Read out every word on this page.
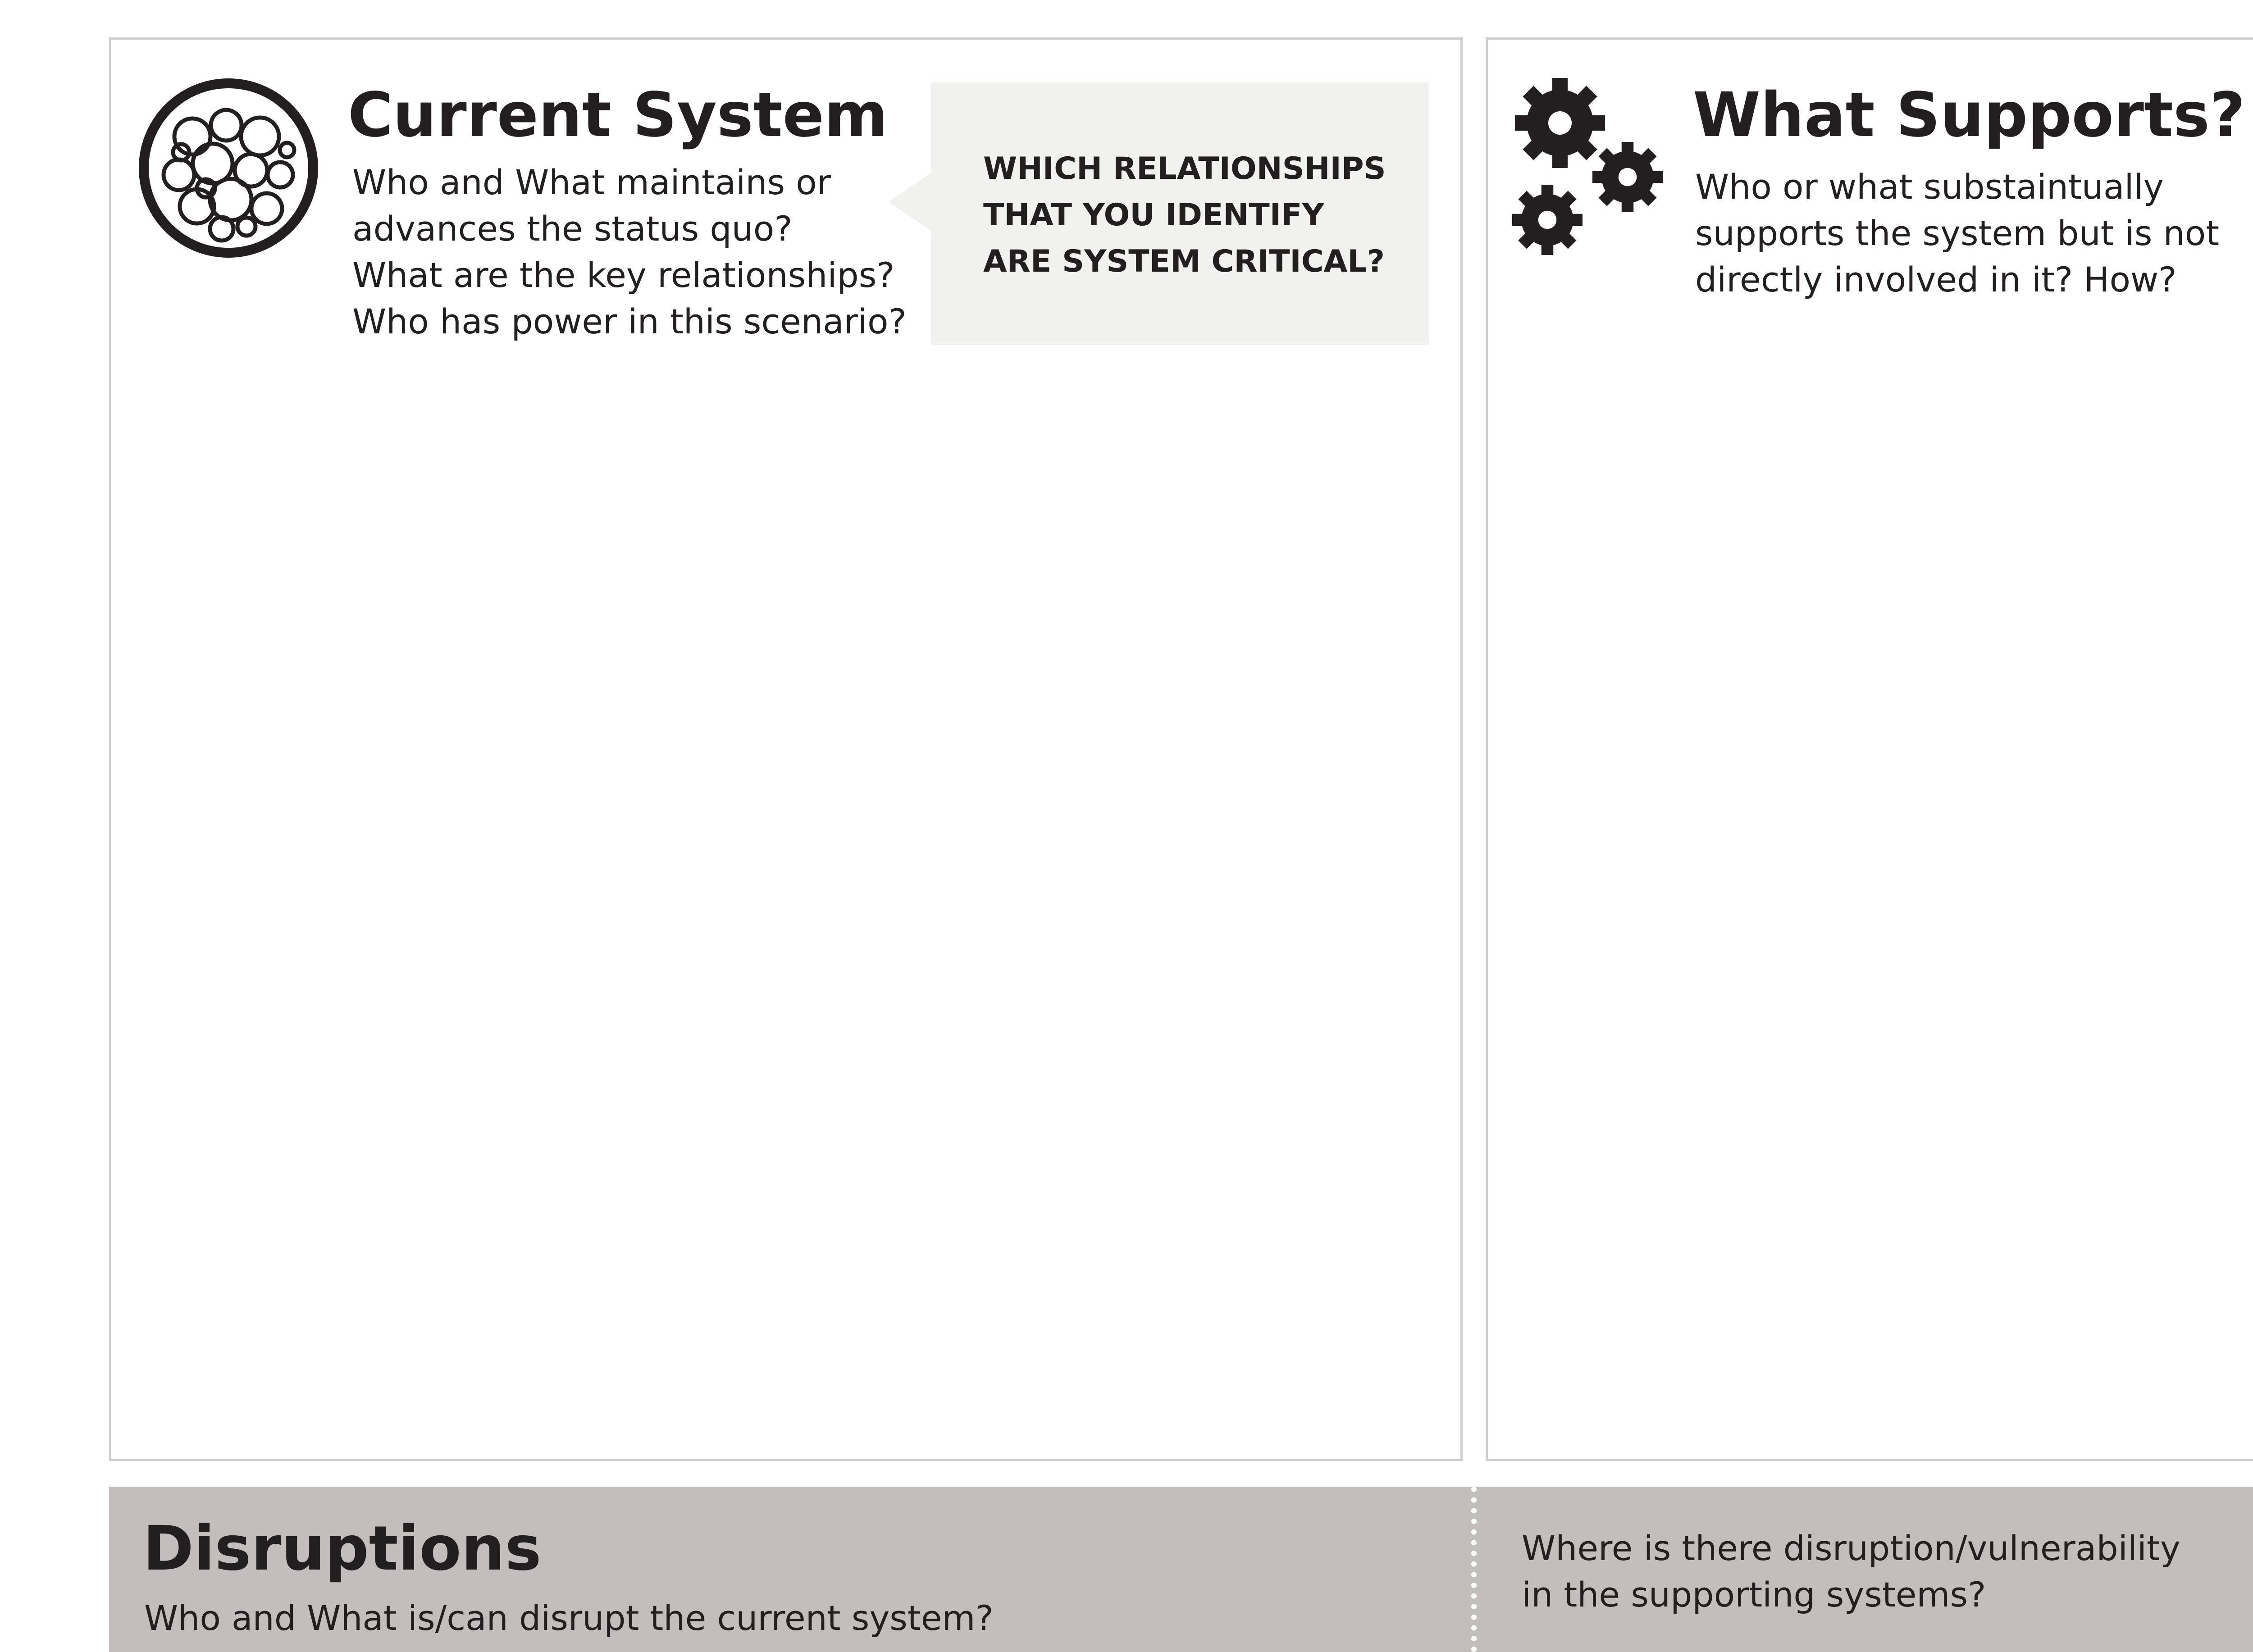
Current System
Who and What maintains or
advances the status quo?
What are the key relationships?
Who has power in this scenario?

WHICH RELATIONSHIPS
THAT YOU IDENTIFY
ARE SYSTEM CRITICAL?

What Supports?
Who or what substaintually
supports the system but is not
directly involved in it? How?
Disruptions
Who and What is/can disrupt the current system?
Where is there disruption/vulnerability
in the supporting systems?
